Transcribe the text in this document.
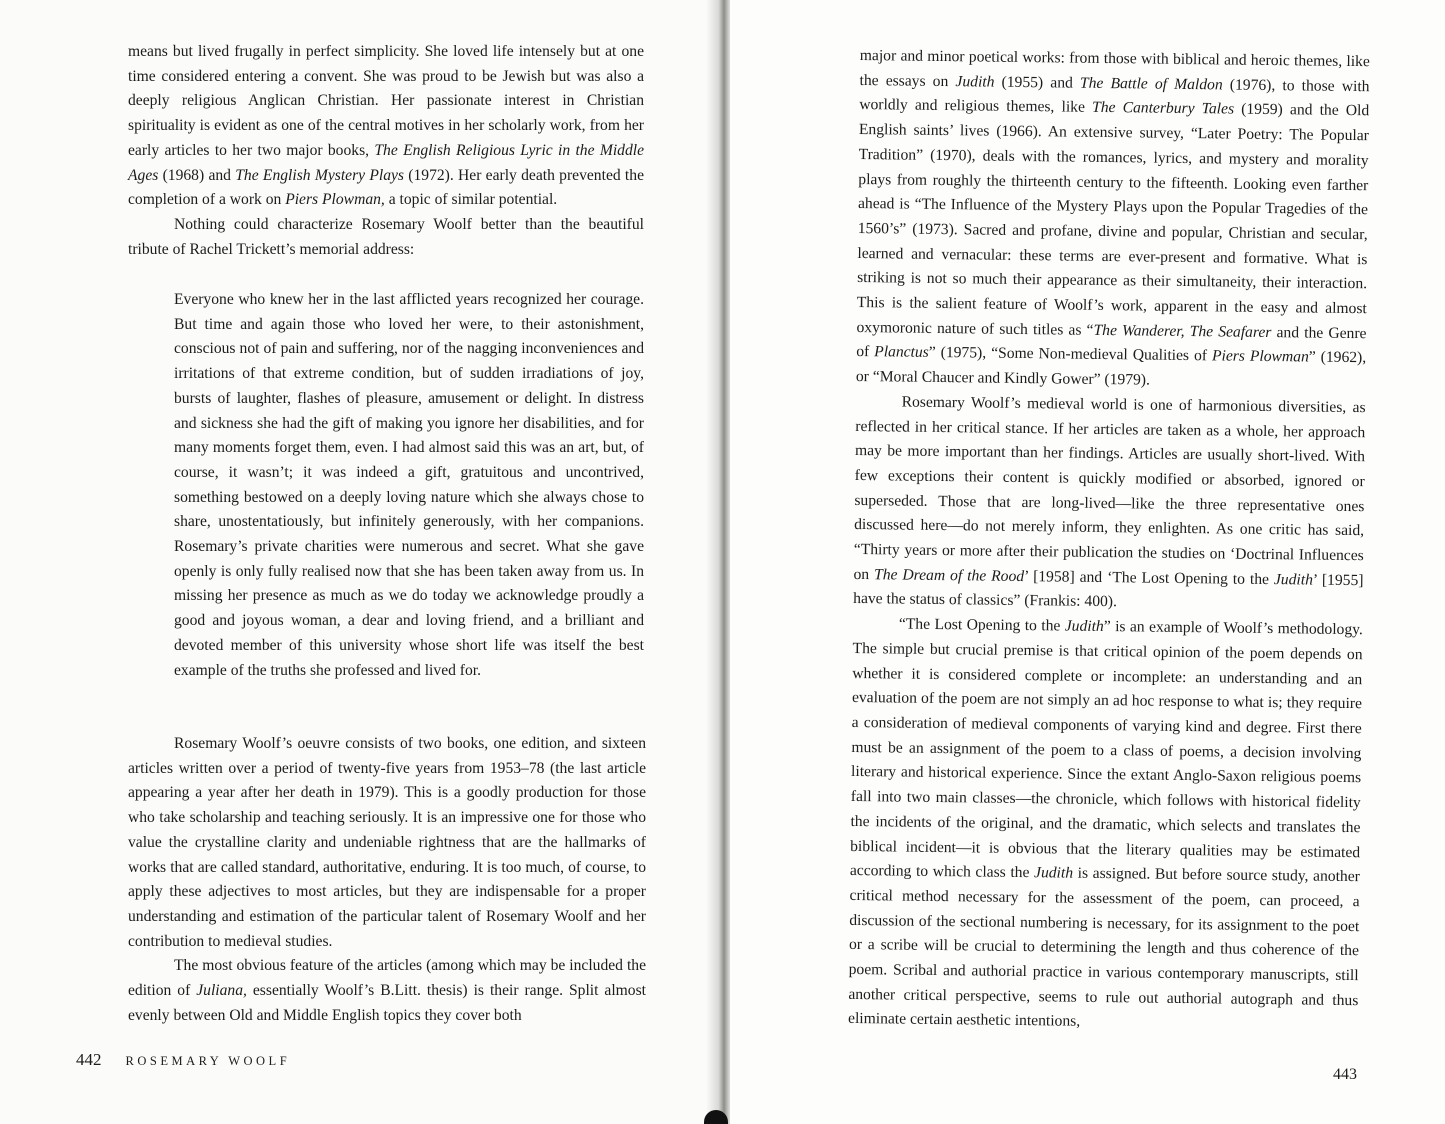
means but lived frugally in perfect simplicity. She loved life intensely but at one time considered entering a convent. She was proud to be Jewish but was also a deeply religious Anglican Christian. Her passionate interest in Christian spirituality is evident as one of the central motives in her scholarly work, from her early articles to her two major books, The English Religious Lyric in the Middle Ages (1968) and The English Mystery Plays (1972). Her early death prevented the completion of a work on Piers Plowman, a topic of similar potential.

Nothing could characterize Rosemary Woolf better than the beautiful tribute of Rachel Trickett’s memorial address:

Everyone who knew her in the last afflicted years recognized her courage. But time and again those who loved her were, to their astonishment, conscious not of pain and suffering, nor of the nagging inconveniences and irritations of that extreme condition, but of sudden irradiations of joy, bursts of laughter, flashes of pleasure, amusement or delight. In distress and sickness she had the gift of making you ignore her disabilities, and for many moments forget them, even. I had almost said this was an art, but, of course, it wasn’t; it was indeed a gift, gratuitous and uncontrived, something bestowed on a deeply loving nature which she always chose to share, unostentatiously, but infinitely generously, with her companions. Rosemary’s private charities were numerous and secret. What she gave openly is only fully realised now that she has been taken away from us. In missing her presence as much as we do today we acknowledge proudly a good and joyous woman, a dear and loving friend, and a brilliant and devoted member of this university whose short life was itself the best example of the truths she professed and lived for.

Rosemary Woolf’s oeuvre consists of two books, one edition, and sixteen articles written over a period of twenty-five years from 1953–78 (the last article appearing a year after her death in 1979). This is a goodly production for those who take scholarship and teaching seriously. It is an impressive one for those who value the crystalline clarity and undeniable rightness that are the hallmarks of works that are called standard, authoritative, enduring. It is too much, of course, to apply these adjectives to most articles, but they are indispensable for a proper understanding and estimation of the particular talent of Rosemary Woolf and her contribution to medieval studies.

The most obvious feature of the articles (among which may be included the edition of Juliana, essentially Woolf’s B.Litt. thesis) is their range. Split almost evenly between Old and Middle English topics they cover both

442 ROSEMARY WOOLF

major and minor poetical works: from those with biblical and heroic themes, like the essays on Judith (1955) and The Battle of Maldon (1976), to those with worldly and religious themes, like The Canterbury Tales (1959) and the Old English saints’ lives (1966). An extensive survey, “Later Poetry: The Popular Tradition” (1970), deals with the romances, lyrics, and mystery and morality plays from roughly the thirteenth century to the fifteenth. Looking even farther ahead is “The Influence of the Mystery Plays upon the Popular Tragedies of the 1560’s” (1973). Sacred and profane, divine and popular, Christian and secular, learned and vernacular: these terms are ever-present and formative. What is striking is not so much their appearance as their simultaneity, their interaction. This is the salient feature of Woolf’s work, apparent in the easy and almost oxymoronic nature of such titles as “The Wanderer, The Seafarer and the Genre of Planctus” (1975), “Some Non-medieval Qualities of Piers Plowman” (1962), or “Moral Chaucer and Kindly Gower” (1979).

Rosemary Woolf’s medieval world is one of harmonious diversities, as reflected in her critical stance. If her articles are taken as a whole, her approach may be more important than her findings. Articles are usually short-lived. With few exceptions their content is quickly modified or absorbed, ignored or superseded. Those that are long-lived—like the three representative ones discussed here—do not merely inform, they enlighten. As one critic has said, “Thirty years or more after their publication the studies on ‘Doctrinal Influences on The Dream of the Rood’ [1958] and ‘The Lost Opening to the Judith’ [1955] have the status of classics” (Frankis: 400).

“The Lost Opening to the Judith” is an example of Woolf’s methodology. The simple but crucial premise is that critical opinion of the poem depends on whether it is considered complete or incomplete: an understanding and an evaluation of the poem are not simply an ad hoc response to what is; they require a consideration of medieval components of varying kind and degree. First there must be an assignment of the poem to a class of poems, a decision involving literary and historical experience. Since the extant Anglo-Saxon religious poems fall into two main classes—the chronicle, which follows with historical fidelity the incidents of the original, and the dramatic, which selects and translates the biblical incident—it is obvious that the literary qualities may be estimated according to which class the Judith is assigned. But before source study, another critical method necessary for the assessment of the poem, can proceed, a discussion of the sectional numbering is necessary, for its assignment to the poet or a scribe will be crucial to determining the length and thus coherence of the poem. Scribal and authorial practice in various contemporary manuscripts, still another critical perspective, seems to rule out authorial autograph and thus eliminate certain aesthetic intentions,

443
